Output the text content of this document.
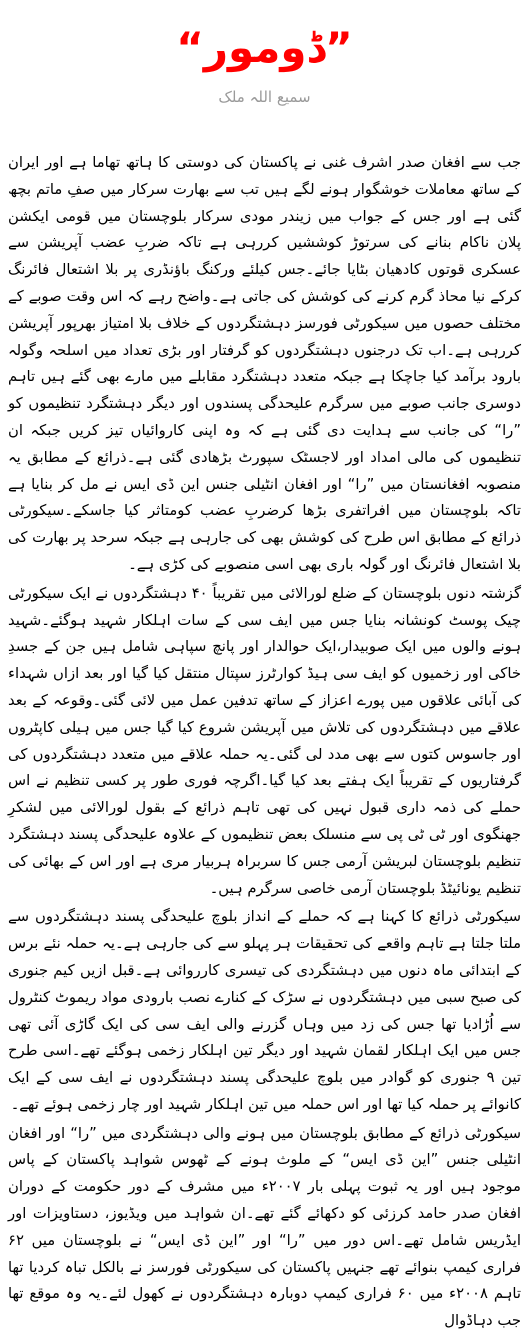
”ڈومور“
سمیع اللہ ملک

جب سے افغان صدر اشرف غنی نے پاکستان کی دوستی کا ہاتھ تھاما ہے اور ایران کے ساتھ معاملات خوشگوار ہونے لگے ہیں تب سے بھارت سرکار میں صفِ ماتم بچھ گئی ہے اور جس کے جواب میں زیندر مودی سرکار بلوچستان میں قومی ایکشن پلان ناکام بنانے کی سرتوڑ کوششیں کررہی ہے تاکہ ضربِ عضب آپریشن سے عسکری قوتوں کادھیان بٹایا جائے۔جس کیلئے ورکنگ باؤنڈری پر بلا اشتعال فائرنگ کرکے نیا محاذ گرم کرنے کی کوشش کی جاتی ہے۔واضح رہے کہ اس وقت صوبے کے مختلف حصوں میں سیکورٹی فورسز دہشتگردوں کے خلاف بلا امتیاز بھرپور آپریشن کررہی ہے۔اب تک درجنوں دہشتگردوں کو گرفتار اور بڑی تعداد میں اسلحہ وگولہ بارود برآمد کیا جاچکا ہے جبکہ متعدد دہشتگرد مقابلے میں مارے بھی گئے ہیں تاہم دوسری جانب صوبے میں سرگرم علیحدگی پسندوں اور دیگر دہشتگرد تنظیموں کو ”را“ کی جانب سے ہدایت دی گئی ہے کہ وہ اپنی کاروائیاں تیز کریں جبکہ ان تنظیموں کی مالی امداد اور لاجسٹک سپورٹ بڑھادی گئی ہے۔ذرائع کے مطابق یہ منصوبہ افغانستان میں ”را“ اور افغان انٹیلی جنس این ڈی ایس نے مل کر بنایا ہے تاکہ بلوچستان میں افراتفری بڑھا کرضربِ عضب کومتاثر کیا جاسکے۔سیکورٹی ذرائع کے مطابق اس طرح کی کوشش بھی کی جارہی ہے جبکہ سرحد پر بھارت کی بلا اشتعال فائرنگ اور گولہ باری بھی اسی منصوبے کی کڑی ہے۔

گزشتہ دنوں بلوچستان کے ضلع لورالائی میں تقریباً ۴۰ دہشتگردوں نے ایک سیکورٹی چیک پوسٹ کونشانہ بنایا جس میں ایف سی کے سات اہلکار شہید ہوگئے۔شہید ہونے والوں میں ایک صوبیدار،ایک حوالدار اور پانچ سپاہی شامل ہیں جن کے جسدِ خاکی اور زخمیوں کو ایف سی ہیڈ کوارٹرز سپتال منتقل کیا گیا اور بعد ازاں شہداء کی آبائی علاقوں میں پورے اعزاز کے ساتھ تدفین عمل میں لائی گئی۔وقوعہ کے بعد علاقے میں دہشتگردوں کی تلاش میں آپریشن شروع کیا گیا جس میں ہیلی کاپٹروں اور جاسوس کتوں سے بھی مدد لی گئی۔یہ حملہ علاقے میں متعدد دہشتگردوں کی گرفتاریوں کے تقریباً ایک ہفتے بعد کیا گیا۔اگرچہ فوری طور پر کسی تنظیم نے اس حملے کی ذمہ داری قبول نہیں کی تھی تاہم ذرائع کے بقول لورالائی میں لشکرِ جھنگوی اور ٹی ٹی پی سے منسلک بعض تنظیموں کے علاوہ علیحدگی پسند دہشتگرد تنظیم بلوچستان لبریشن آرمی جس کا سربراہ ہربیار مری ہے اور اس کے بھائی کی تنظیم یونائیٹڈ بلوچستان آرمی خاصی سرگرم ہیں۔

سیکورٹی ذرائع کا کہنا ہے کہ حملے کے انداز بلوچ علیحدگی پسند دہشتگردوں سے ملتا جلتا ہے تاہم واقعے کی تحقیقات ہر پہلو سے کی جارہی ہے۔یہ حملہ نئے برس کے ابتدائی ماہ دنوں میں دہشتگردی کی تیسری کارروائی ہے۔قبل ازیں کیم جنوری کی صبح سبی میں دہشتگردوں نے سڑک کے کنارے نصب بارودی مواد ریموٹ کنٹرول سے اُڑادیا تھا جس کی زد میں وہاں گزرنے والی ایف سی کی ایک گاڑی آئی تھی جس میں ایک اہلکار لقمان شہید اور دیگر تین اہلکار زخمی ہوگئے تھے۔اسی طرح تین ۹ جنوری کو گوادر میں بلوچ علیحدگی پسند دہشتگردوں نے ایف سی کے ایک کانوائے پر حملہ کیا تھا اور اس حملہ میں تین اہلکار شہید اور چار زخمی ہوئے تھے۔

سیکورٹی ذرائع کے مطابق بلوچستان میں ہونے والی دہشتگردی میں ”را“ اور افغان انٹیلی جنس ”این ڈی ایس“ کے ملوث ہونے کے ٹھوس شواہد پاکستان کے پاس موجود ہیں اور یہ ثبوت پہلی بار ۲۰۰۷ء میں مشرف کے دور حکومت کے دوران افغان صدر حامد کرزئی کو دکھائے گئے تھے۔ان شواہد میں ویڈیوز، دستاویزات اور ایڈریس شامل تھے۔اس دور میں ”را“ اور ”این ڈی ایس“ نے بلوچستان میں ۶۲ فراری کیمپ بنوائے تھے جنہیں پاکستان کی سیکورٹی فورسز نے بالکل تباہ کردیا تھا تاہم ۲۰۰۸ء میں ۶۰ فراری کیمپ دوبارہ دہشتگردوں نے کھول لئے۔یہ وہ موقع تھا جب دہاڈوال
